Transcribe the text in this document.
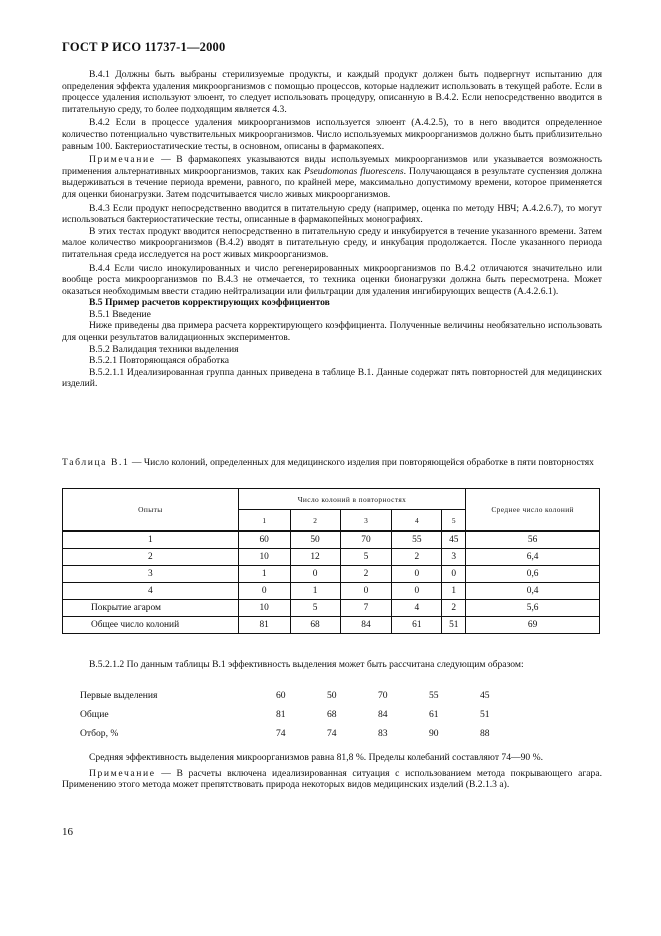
ГОСТ Р ИСО 11737-1—2000

В.4.1 Должны быть выбраны стерилизуемые продукты, и каждый продукт должен быть подвергнут испытанию для определения эффекта удаления микроорганизмов с помощью процессов, которые надлежит использовать в текущей работе. Если в процессе удаления используют элюент, то следует использовать процедуру, описанную в В.4.2. Если непосредственно вводится в питательную среду, то более подходящим является 4.3.

В.4.2 Если в процессе удаления микроорганизмов используется элюент (А.4.2.5), то в него вводится определенное количество потенциально чувствительных микроорганизмов. Число используемых микроорганизмов должно быть приблизительно равным 100. Бактериостатические тесты, в основном, описаны в фармакопеях.

Примечание — В фармакопеях указываются виды используемых микроорганизмов или указывается возможность применения альтернативных микроорганизмов, таких как Pseudomonas fluorescens. Получающаяся в результате суспензия должна выдерживаться в течение периода времени, равного, по крайней мере, максимально допустимому времени, которое применяется для оценки бионагрузки. Затем подсчитывается число живых микроорганизмов.

В.4.3 Если продукт непосредственно вводится в питательную среду (например, оценка по методу НВЧ; А.4.2.6.7), то могут использоваться бактериостатические тесты, описанные в фармакопейных монографиях.

В этих тестах продукт вводится непосредственно в питательную среду и инкубируется в течение указанного времени. Затем малое количество микроорганизмов (В.4.2) вводят в питательную среду, и инкубация продолжается. После указанного периода питательная среда исследуется на рост живых микроорганизмов.

В.4.4 Если число инокулированных и число регенерированных микроорганизмов по В.4.2 отличаются значительно или вообще роста микроорганизмов по В.4.3 не отмечается, то техника оценки бионагрузки должна быть пересмотрена. Может оказаться необходимым ввести стадию нейтрализации или фильтрации для удаления ингибирующих веществ (А.4.2.6.1).

В.5 Пример расчетов корректирующих коэффициентов

В.5.1 Введение

Ниже приведены два примера расчета корректирующего коэффициента. Полученные величины необязательно использовать для оценки результатов валидационных экспериментов.

В.5.2 Валидация техники выделения

В.5.2.1 Повторяющаяся обработка

В.5.2.1.1 Идеализированная группа данных приведена в таблице В.1. Данные содержат пять повторностей для медицинских изделий.

Таблица В.1 — Число колоний, определенных для медицинского изделия при повторяющейся обработке в пяти повторностях
Опыты	Число колоний в повторностях					Среднее число колоний
	1	2	3	4	5	
1	60	50	70	55	45	56
2	10	12	5	2	3	6,4
3	1	0	2	0	0	0,6
4	0	1	0	0	1	0,4
Покрытие агаром	10	5	7	4	2	5,6
Общее число колоний	81	68	84	61	51	69
В.5.2.1.2 По данным таблицы В.1 эффективность выделения может быть рассчитана следующим образом:
Первые выделения	60	50	70	55	45
Общие	81	68	84	61	51
Отбор, %	74	74	83	90	88

Средняя эффективность выделения микроорганизмов равна 81,8 %. Пределы колебаний составляют 74—90 %.

Примечание — В расчеты включена идеализированная ситуация с использованием метода покрывающего агара. Применению этого метода может препятствовать природа некоторых видов медицинских изделий (В.2.1.3 а).

16
